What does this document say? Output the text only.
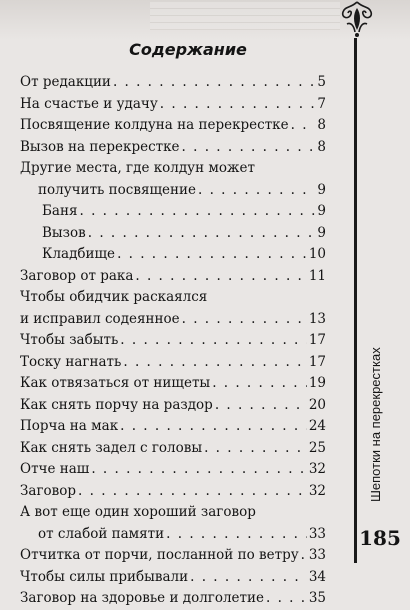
Шепотки на перекрестках
185
Содержание
От редакции . . .	5
На счастье и удачу . . .	7
Посвящение колдуна на перекрестке . . . 8
Вызов на перекрестке . . .	8
Другие места, где колдун может
получить посвящение . . .	9
Баня . . .	9
Вызов . . .	9
Кладбище . . .	10
Заговор от рака . . .	11
Чтобы обидчик раскаялся
и исправил содеянное . . .	13
Чтобы забыть . . .	17
Тоску нагнать . . .	17
Как отвязаться от нищеты . . .	19
Как снять порчу на раздор . . .	20
Порча на мак . . .	24
Как снять задел с головы . . .	25
Отче наш . . .	32
Заговор . . .	32
А вот еще один хороший заговор
от слабой памяти . . .	33
Отчитка от порчи, посланной по ветру . . . 33
Чтобы силы прибывали . . .	34
Заговор на здоровье и долголетие . . .	35
